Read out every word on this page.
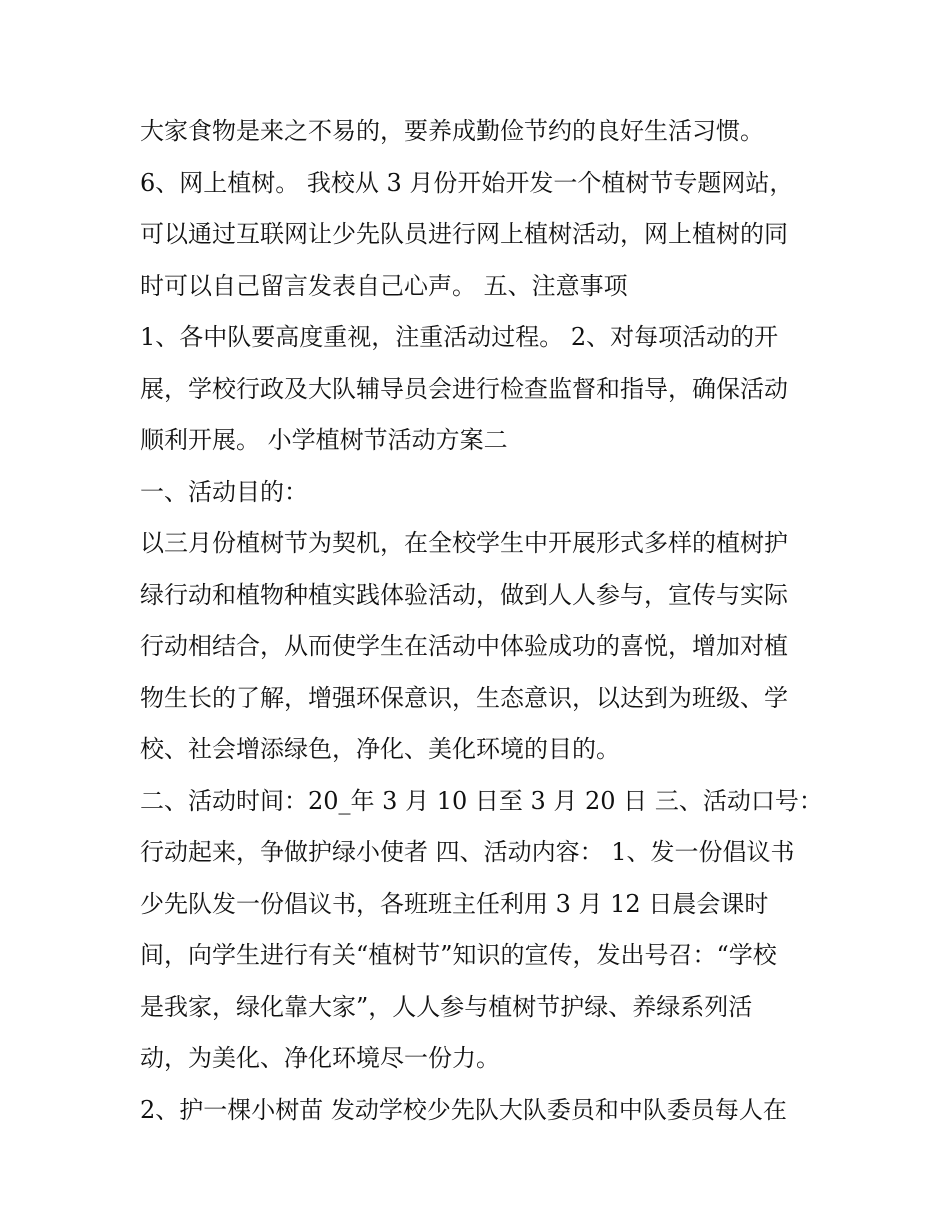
大家食物是来之不易的，要养成勤俭节约的良好生活习惯。
6、网上植树。 我校从 3 月份开始开发一个植树节专题网站，
可以通过互联网让少先队员进行网上植树活动，网上植树的同
时可以自己留言发表自己心声。 五、注意事项
1、各中队要高度重视，注重活动过程。 2、对每项活动的开
展，学校行政及大队辅导员会进行检查监督和指导，确保活动
顺利开展。 小学植树节活动方案二
一、活动目的：
以三月份植树节为契机，在全校学生中开展形式多样的植树护
绿行动和植物种植实践体验活动，做到人人参与，宣传与实际
行动相结合，从而使学生在活动中体验成功的喜悦，增加对植
物生长的了解，增强环保意识，生态意识，以达到为班级、学
校、社会增添绿色，净化、美化环境的目的。
二、活动时间：20_年 3 月 10 日至 3 月 20 日 三、活动口号：
行动起来，争做护绿小使者 四、活动内容： 1、发一份倡议书
少先队发一份倡议书，各班班主任利用 3 月 12 日晨会课时
间，向学生进行有关“植树节”知识的宣传，发出号召：“学校
是我家，绿化靠大家”，人人参与植树节护绿、养绿系列活
动，为美化、净化环境尽一份力。
2、护一棵小树苗 发动学校少先队大队委员和中队委员每人在
